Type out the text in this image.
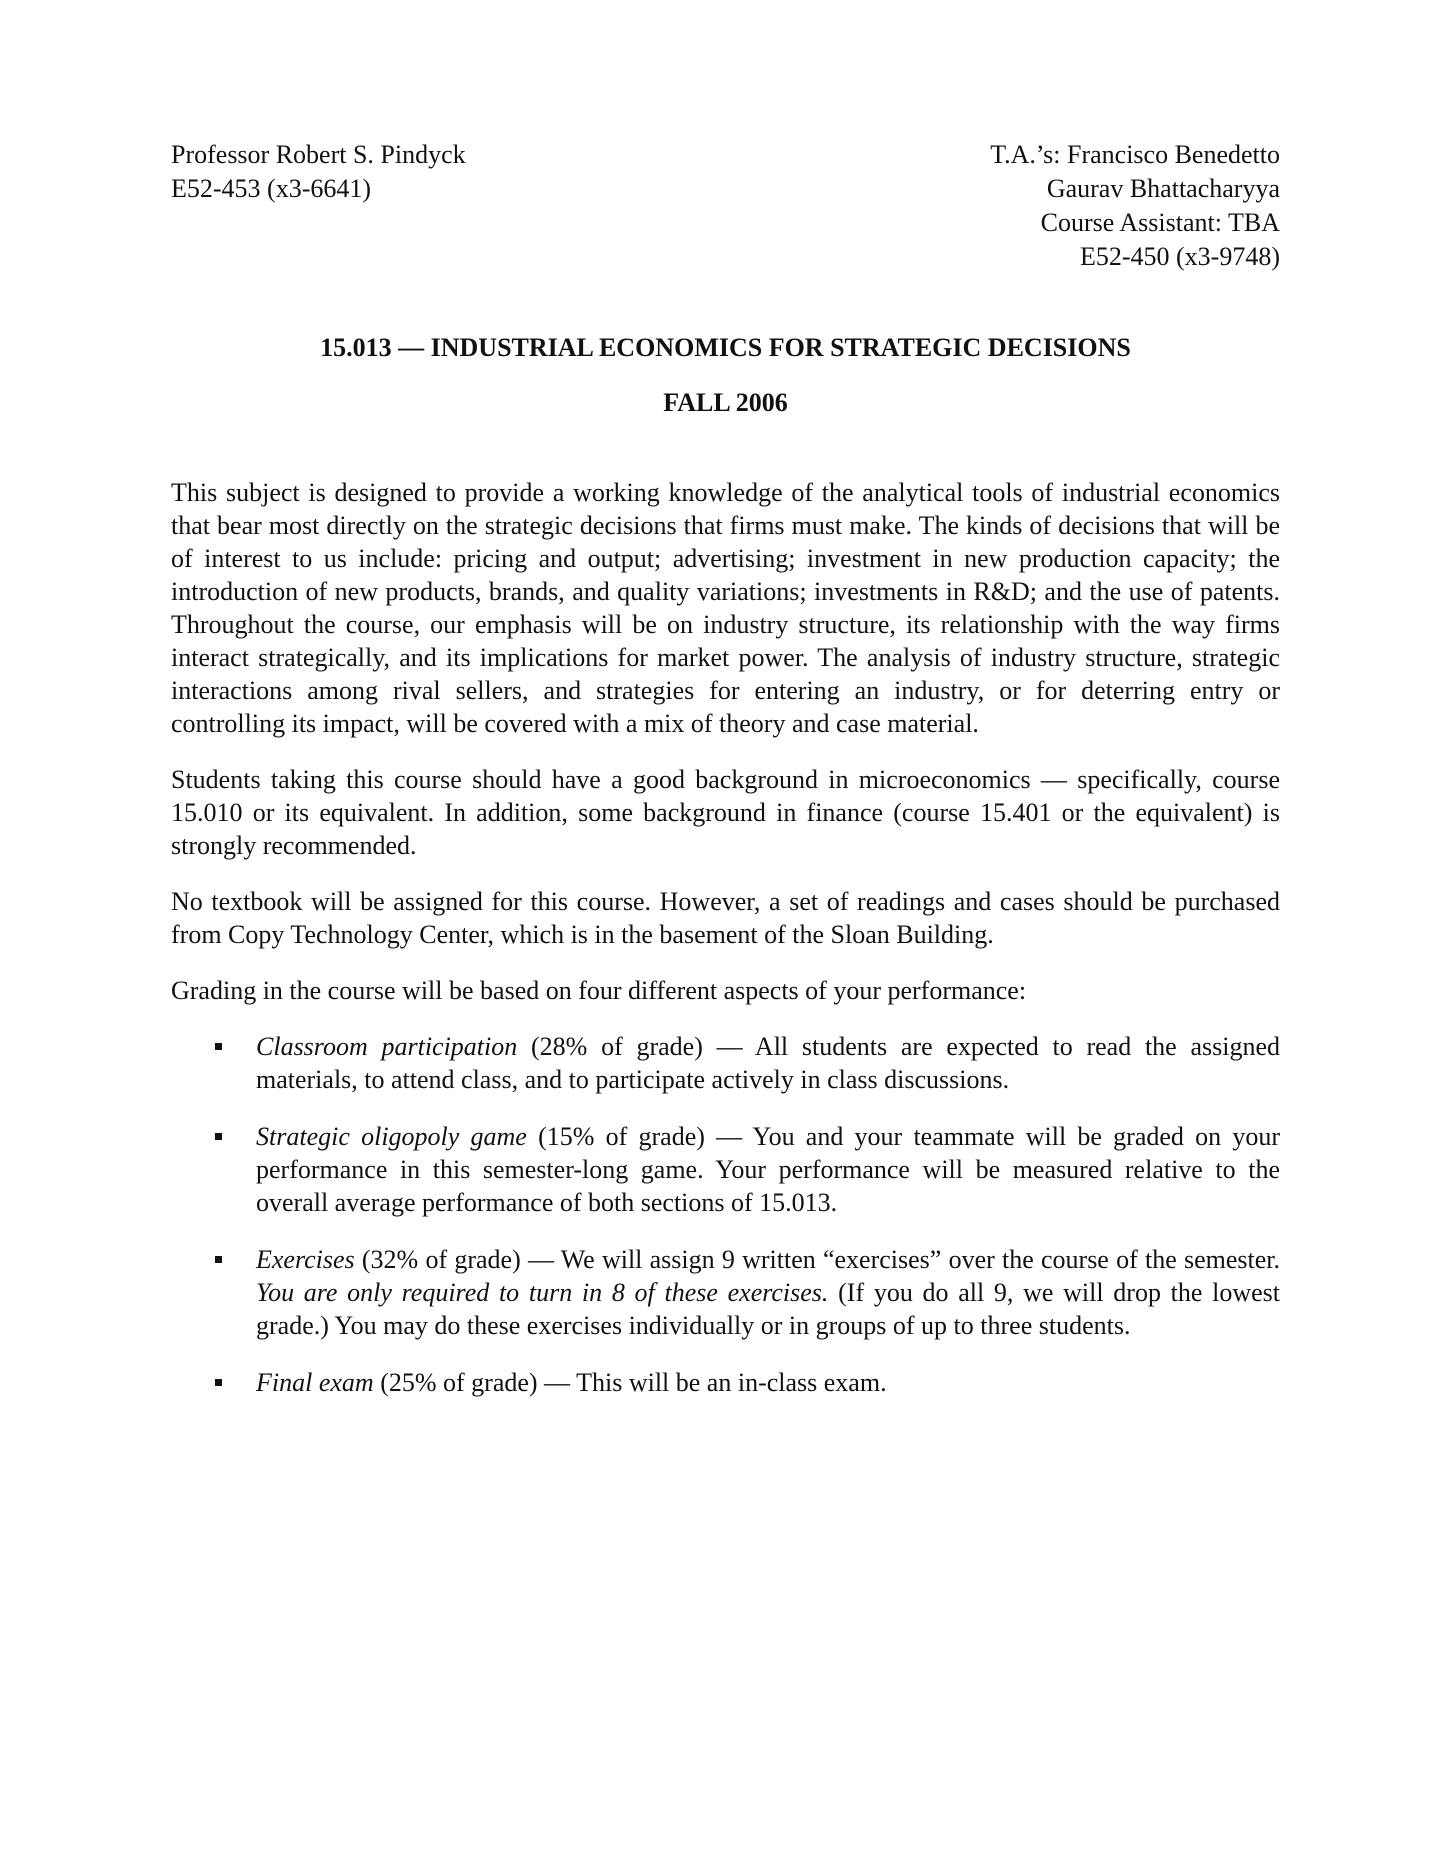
Professor Robert S. Pindyck
E52-453 (x3-6641)
T.A.’s: Francisco Benedetto
Gaurav Bhattacharyya
Course Assistant: TBA
E52-450 (x3-9748)
15.013 — INDUSTRIAL ECONOMICS FOR STRATEGIC DECISIONS
FALL 2006

This subject is designed to provide a working knowledge of the analytical tools of industrial economics that bear most directly on the strategic decisions that firms must make. The kinds of decisions that will be of interest to us include: pricing and output; advertising; investment in new production capacity; the introduction of new products, brands, and quality variations; investments in R&D; and the use of patents. Throughout the course, our emphasis will be on industry structure, its relationship with the way firms interact strategically, and its implications for market power. The analysis of industry structure, strategic interactions among rival sellers, and strategies for entering an industry, or for deterring entry or controlling its impact, will be covered with a mix of theory and case material.

Students taking this course should have a good background in microeconomics — specifically, course 15.010 or its equivalent. In addition, some background in finance (course 15.401 or the equivalent) is strongly recommended.

No textbook will be assigned for this course. However, a set of readings and cases should be purchased from Copy Technology Center, which is in the basement of the Sloan Building.

Grading in the course will be based on four different aspects of your performance:

Classroom participation (28% of grade) — All students are expected to read the assigned materials, to attend class, and to participate actively in class discussions.
Strategic oligopoly game (15% of grade) — You and your teammate will be graded on your performance in this semester-long game. Your performance will be measured relative to the overall average performance of both sections of 15.013.
Exercises (32% of grade) — We will assign 9 written “exercises” over the course of the semester. You are only required to turn in 8 of these exercises. (If you do all 9, we will drop the lowest grade.) You may do these exercises individually or in groups of up to three students.
Final exam (25% of grade) — This will be an in-class exam.
